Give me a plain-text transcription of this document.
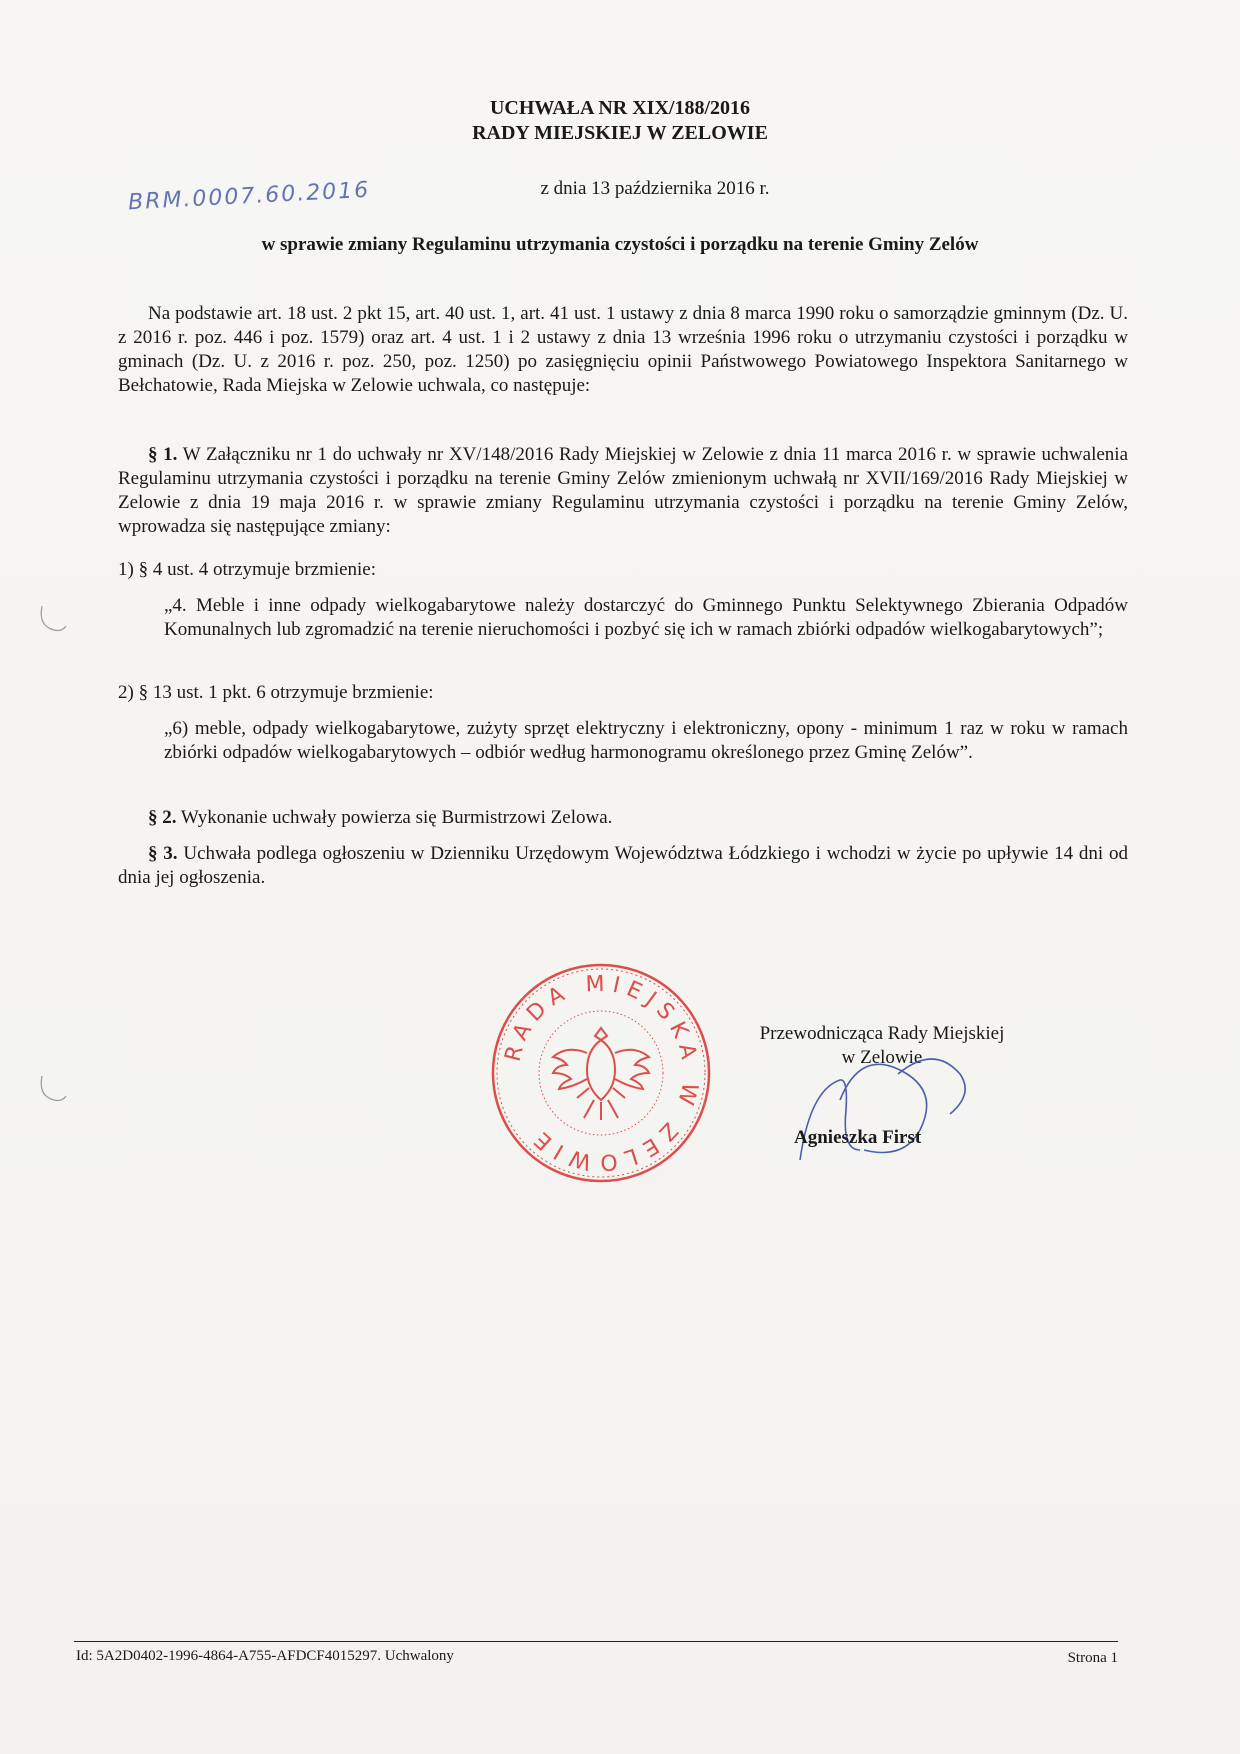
UCHWAŁA NR XIX/188/2016
RADY MIEJSKIEJ W ZELOWIE
BRM.0007.60.2016	z dnia 13 października 2016 r.
w sprawie zmiany Regulaminu utrzymania czystości i porządku na terenie Gminy Zelów
Na podstawie art. 18 ust. 2 pkt 15, art. 40 ust. 1, art. 41 ust. 1 ustawy z dnia 8 marca 1990 roku o samorządzie gminnym (Dz. U. z 2016 r. poz. 446 i poz. 1579) oraz art. 4 ust. 1 i 2 ustawy z dnia 13 września 1996 roku o utrzymaniu czystości i porządku w gminach (Dz. U. z 2016 r. poz. 250, poz. 1250) po zasięgnięciu opinii Państwowego Powiatowego Inspektora Sanitarnego w Bełchatowie, Rada Miejska w Zelowie uchwala, co następuje:
§ 1. W Załączniku nr 1 do uchwały nr XV/148/2016 Rady Miejskiej w Zelowie z dnia 11 marca 2016 r. w sprawie uchwalenia Regulaminu utrzymania czystości i porządku na terenie Gminy Zelów zmienionym uchwałą nr XVII/169/2016 Rady Miejskiej w Zelowie z dnia 19 maja 2016 r. w sprawie zmiany Regulaminu utrzymania czystości i porządku na terenie Gminy Zelów, wprowadza się następujące zmiany:
1) § 4 ust. 4 otrzymuje brzmienie:
„4. Meble i inne odpady wielkogabarytowe należy dostarczyć do Gminnego Punktu Selektywnego Zbierania Odpadów Komunalnych lub zgromadzić na terenie nieruchomości i pozbyć się ich w ramach zbiórki odpadów wielkogabarytowych”;
2) § 13 ust. 1 pkt. 6 otrzymuje brzmienie:
„6) meble, odpady wielkogabarytowe, zużyty sprzęt elektryczny i elektroniczny, opony - minimum 1 raz w roku w ramach zbiórki odpadów wielkogabarytowych – odbiór według harmonogramu określonego przez Gminę Zelów”.
§ 2. Wykonanie uchwały powierza się Burmistrzowi Zelowa.
§ 3. Uchwała podlega ogłoszeniu w Dzienniku Urzędowym Województwa Łódzkiego i wchodzi w życie po upływie 14 dni od dnia jej ogłoszenia.
RADA MIEJSKA W ZELOWIE
Przewodnicząca Rady Miejskiej
w Zelowie
Agnieszka First
Id: 5A2D0402-1996-4864-A755-AFDCF4015297. Uchwalony	Strona 1
